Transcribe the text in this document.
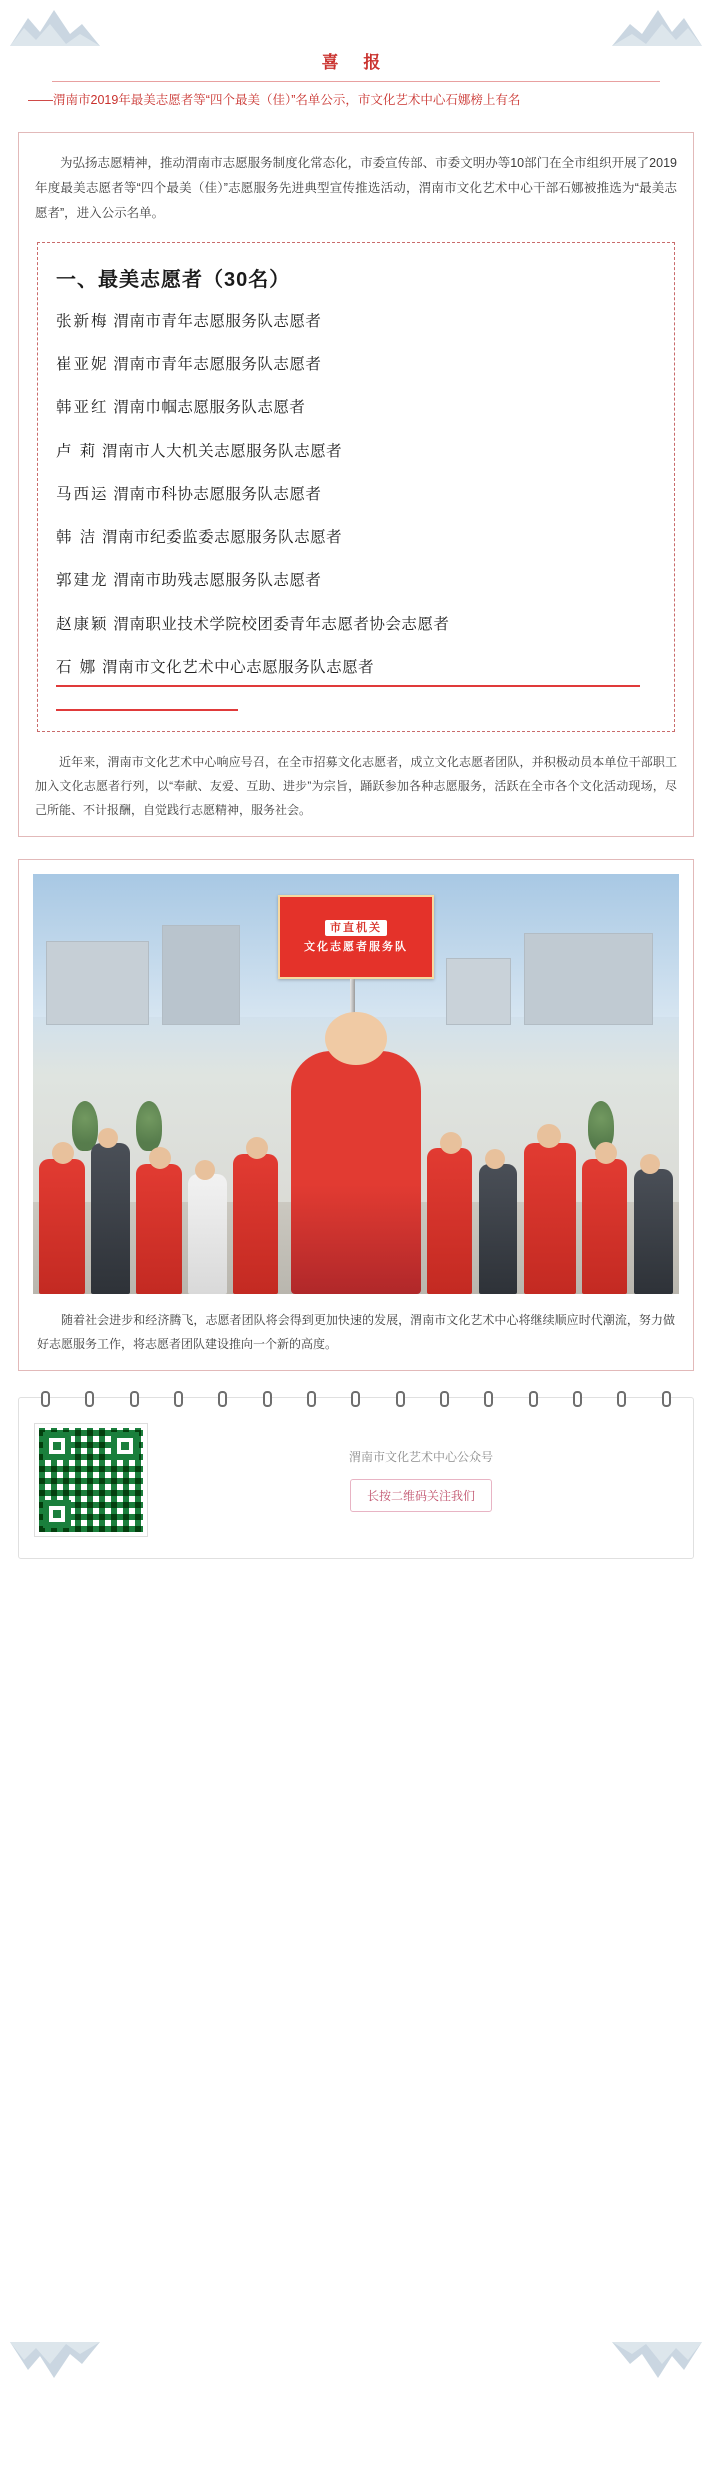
喜 报
——渭南市2019年最美志愿者等“四个最美（佳）”名单公示，市文化艺术中心石娜榜上有名
为弘扬志愿精神，推动渭南市志愿服务制度化常态化，市委宣传部、市委文明办等10部门在全市组织开展了2019年度最美志愿者等“四个最美（佳）”志愿服务先进典型宣传推选活动，渭南市文化艺术中心干部石娜被推选为“最美志愿者”，进入公示名单。
一、最美志愿者（30名）
张新梅 渭南市青年志愿服务队志愿者
崔亚妮 渭南市青年志愿服务队志愿者
韩亚红 渭南巾帼志愿服务队志愿者
卢 莉 渭南市人大机关志愿服务队志愿者
马西运 渭南市科协志愿服务队志愿者
韩 洁 渭南市纪委监委志愿服务队志愿者
郭建龙 渭南市助残志愿服务队志愿者
赵康颖 渭南职业技术学院校团委青年志愿者协会志愿者
石 娜 渭南市文化艺术中心志愿服务队志愿者
近年来，渭南市文化艺术中心响应号召，在全市招募文化志愿者，成立文化志愿者团队，并积极动员本单位干部职工加入文化志愿者行列，以“奉献、友爱、互助、进步”为宗旨，踊跃参加各种志愿服务，活跃在全市各个文化活动现场，尽己所能、不计报酬，自觉践行志愿精神，服务社会。
市直机关
文化志愿者服务队
随着社会进步和经济腾飞，志愿者团队将会得到更加快速的发展，渭南市文化艺术中心将继续顺应时代潮流，努力做好志愿服务工作，将志愿者团队建设推向一个新的高度。
渭南市文化艺术中心公众号
长按二维码关注我们
